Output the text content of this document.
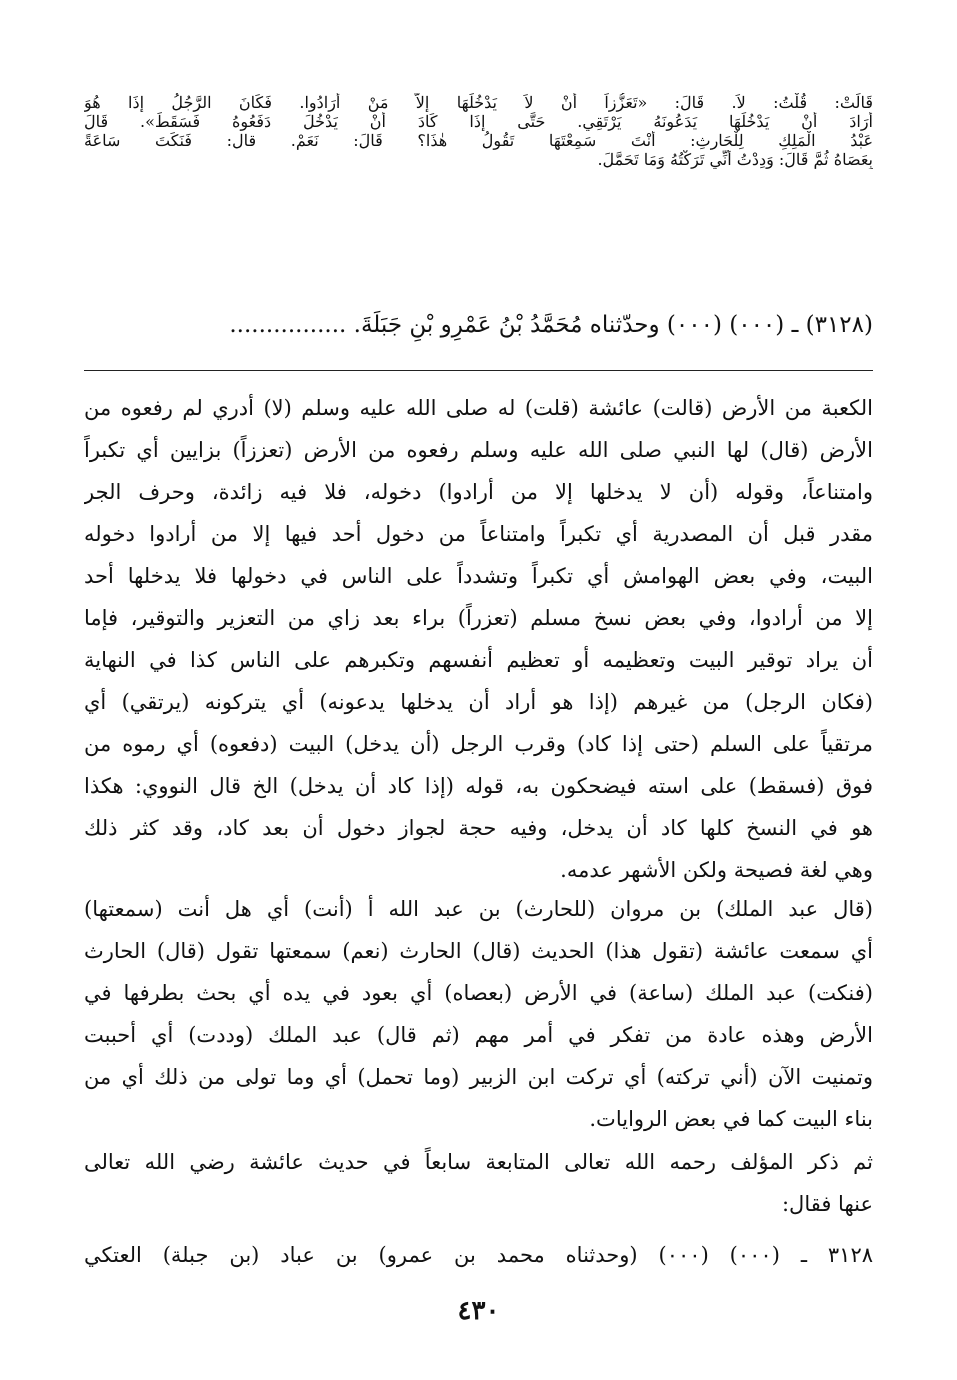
قَالَتْ: قُلْتُ: لاَ. قَالَ: «تَعَزُّزاً أَنْ لاَ يَدْخُلَهَا إِلاَّ مَنْ أَرَادُوا. فَكَانَ الرَّجُلُ إِذَا هُوَ
أَرَادَ أَنْ يَدْخُلَهَا يَدَعُونَهُ يَرْتَقِي. حَتَّى إِذَا كَادَ أَنْ يَدْخُلَ دَفَعُوهُ فَسَقَطَ». قَالَ
عَبْدُ الْمَلِكِ لِلْحَارِثِ: أَنْتَ سَمِعْتَهَا تَقُولُ هٰذَا؟ قَالَ: نَعَمْ. قال: فَنَكَتَ سَاعَةً
بِعَصَاهُ ثُمَّ قَالَ: وَدِدْتُ أَنِّي تَرَكْتُهُ وَمَا تَحَمَّلَ.
(٣١٢٨) ـ (٠٠٠) (٠٠٠) وحدّثناه مُحَمَّدُ بْنُ عَمْرِو بْنِ جَبَلَةَ. ................
الكعبة من الأرض (قالت) عائشة (قلت) له صلى الله عليه وسلم (لا) أدري لم رفعوه من
الأرض (قال) لها النبي صلى الله عليه وسلم رفعوه من الأرض (تعززاً) بزايين أي تكبراً
وامتناعاً، وقوله (أن لا يدخلها إلا من أرادوا) دخوله، فلا فيه زائدة، وحرف الجر
مقدر قبل أن المصدرية أي تكبراً وامتناعاً من دخول أحد فيها إلا من أرادوا دخوله
البيت، وفي بعض الهوامش أي تكبراً وتشدداً على الناس في دخولها فلا يدخلها أحد
إلا من أرادوا، وفي بعض نسخ مسلم (تعزراً) براء بعد زاي من التعزير والتوقير، فإما
أن يراد توقير البيت وتعظيمه أو تعظيم أنفسهم وتكبرهم على الناس كذا في النهاية
(فكان الرجل) من غيرهم (إذا هو أراد أن يدخلها يدعونه) أي يتركونه (يرتقي) أي
مرتقياً على السلم (حتى إذا كاد) وقرب الرجل (أن يدخل) البيت (دفعوه) أي رموه من
فوق (فسقط) على استه فيضحكون به، قوله (إذا كاد أن يدخل) الخ قال النووي: هكذا
هو في النسخ كلها كاد أن يدخل، وفيه حجة لجواز دخول أن بعد كاد، وقد كثر ذلك
وهي لغة فصيحة ولكن الأشهر عدمه.
(قال عبد الملك) بن مروان (للحارث) بن عبد الله أ (أنت) أي هل أنت (سمعتها)
أي سمعت عائشة (تقول هذا) الحديث (قال) الحارث (نعم) سمعتها تقول (قال) الحارث
(فنكت) عبد الملك (ساعة) في الأرض (بعصاه) أي بعود في يده أي بحث بطرفها في
الأرض وهذه عادة من تفكر في أمر مهم (ثم قال) عبد الملك (وددت) أي أحببت
وتمنيت الآن (أني تركته) أي تركت ابن الزبير (وما تحمل) أي وما تولى من ذلك أي من
بناء البيت كما في بعض الروايات.
ثم ذكر المؤلف رحمه الله تعالى المتابعة سابعاً في حديث عائشة رضي الله تعالى
عنها فقال:
٣١٢٨ ـ (٠٠٠) (٠٠٠) (وحدثناه محمد بن عمرو) بن عباد (بن جبلة) العتكي
٤٣٠
